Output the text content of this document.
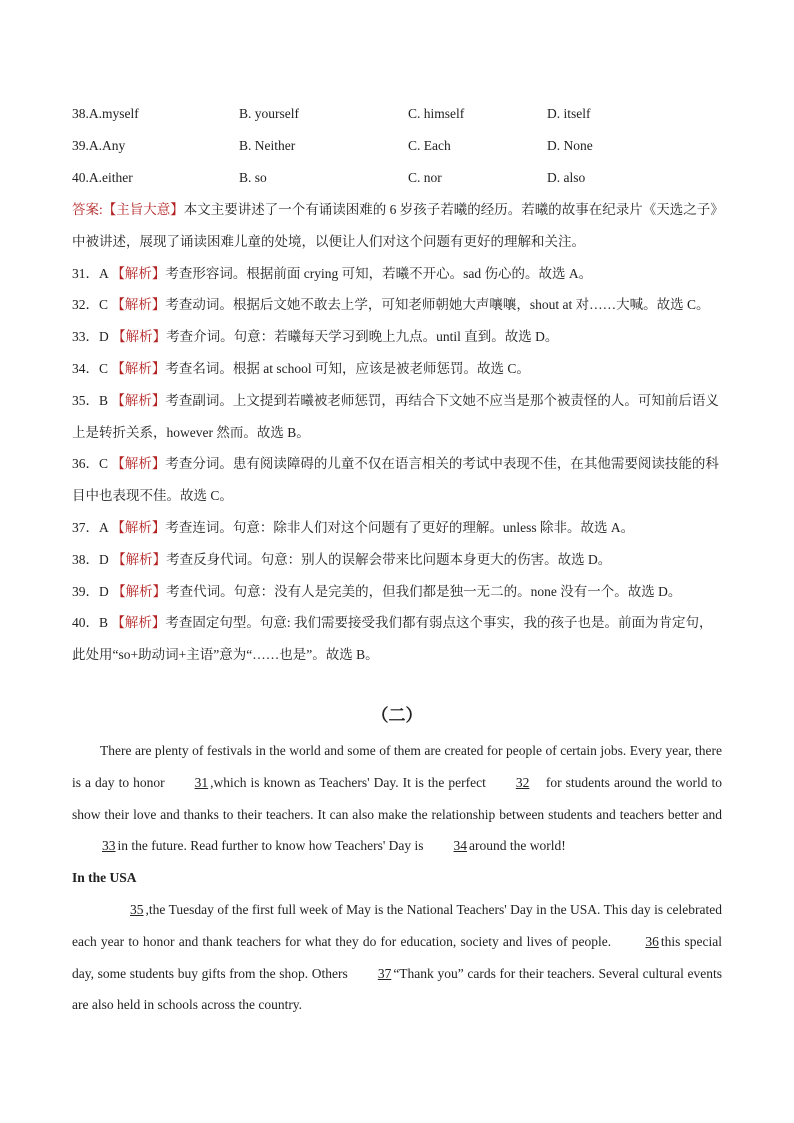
38.A.myself	B. yourself	C. himself	D. itself
39.A.Any	B. Neither	C. Each	D. None
40.A.either	B. so	C. nor	D. also

答案:【主旨大意】本文主要讲述了一个有诵读困难的 6 岁孩子若曦的经历。若曦的故事在纪录片《天选之子》中被讲述，展现了诵读困难儿童的处境，以便让人们对这个问题有更好的理解和关注。

31．A 【解析】考查形容词。根据前面 crying 可知，若曦不开心。sad 伤心的。故选 A。

32．C 【解析】考查动词。根据后文她不敢去上学，可知老师朝她大声嚷嚷，shout at 对……大喊。故选 C。

33．D 【解析】考查介词。句意：若曦每天学习到晚上九点。until 直到。故选 D。

34．C 【解析】考查名词。根据 at school 可知，应该是被老师惩罚。故选 C。

35．B 【解析】考查副词。上文提到若曦被老师惩罚，再结合下文她不应当是那个被责怪的人。可知前后语义上是转折关系，however 然而。故选 B。

36．C 【解析】考查分词。患有阅读障碍的儿童不仅在语言相关的考试中表现不佳，在其他需要阅读技能的科目中也表现不佳。故选 C。

37．A 【解析】考查连词。句意：除非人们对这个问题有了更好的理解。unless 除非。故选 A。

38．D 【解析】考查反身代词。句意：别人的误解会带来比问题本身更大的伤害。故选 D。

39．D 【解析】考查代词。句意：没有人是完美的，但我们都是独一无二的。none 没有一个。故选 D。

40．B 【解析】考查固定句型。句意: 我们需要接受我们都有弱点这个事实，我的孩子也是。前面为肯定句，此处用“so+助动词+主语”意为“……也是”。故选 B。

（二）

There are plenty of festivals in the world and some of them are created for people of certain jobs. Every year, there is a day to honor 31 ,which is known as Teachers' Day. It is the perfect 32 for students around the world to show their love and thanks to their teachers. It can also make the relationship between students and teachers better and33 in the future. Read further to know how Teachers' Day is 34 around the world!

In the USA

35 ,the Tuesday of the first full week of May is the National Teachers' Day in the USA. This day is celebrated each year to honor and thank teachers for what they do for education, society and lives of people.	36 this special day, some students buy gifts from the shop. Others 37 “Thank you” cards for their teachers. Several cultural events are also held in schools across the country.
